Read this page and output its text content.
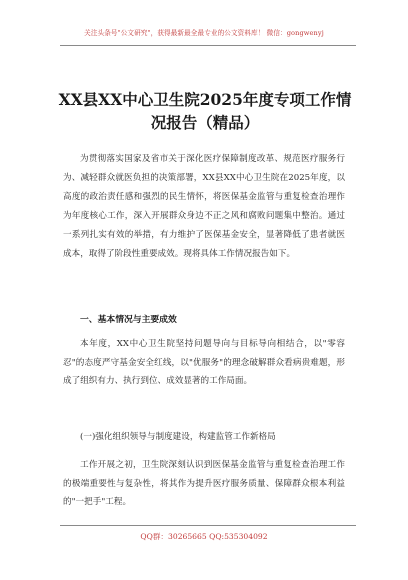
关注头条号"公文研究"，获得最新最全最专业的公文资料库！ 微信：gongwenyj
XX县XX中心卫生院2025年度专项工作情况报告（精品）
为贯彻落实国家及省市关于深化医疗保障制度改革、规范医疗服务行为、减轻群众就医负担的决策部署，XX县XX中心卫生院在2025年度，以高度的政治责任感和强烈的民生情怀，将医保基金监管与重复检查治理作为年度核心工作，深入开展群众身边不正之风和腐败问题集中整治。通过一系列扎实有效的举措，有力维护了医保基金安全，显著降低了患者就医成本，取得了阶段性重要成效。现将具体工作情况报告如下。
一、基本情况与主要成效
本年度，XX中心卫生院坚持问题导向与目标导向相结合，以"零容忍"的态度严守基金安全红线，以"优服务"的理念破解群众看病贵难题，形成了组织有力、执行到位、成效显著的工作局面。
(一)强化组织领导与制度建设，构建监管工作新格局
工作开展之初，卫生院深刻认识到医保基金监管与重复检查治理工作的极端重要性与复杂性，将其作为提升医疗服务质量、保障群众根本利益的"一把手"工程。
QQ群：30265665 QQ:535304092
